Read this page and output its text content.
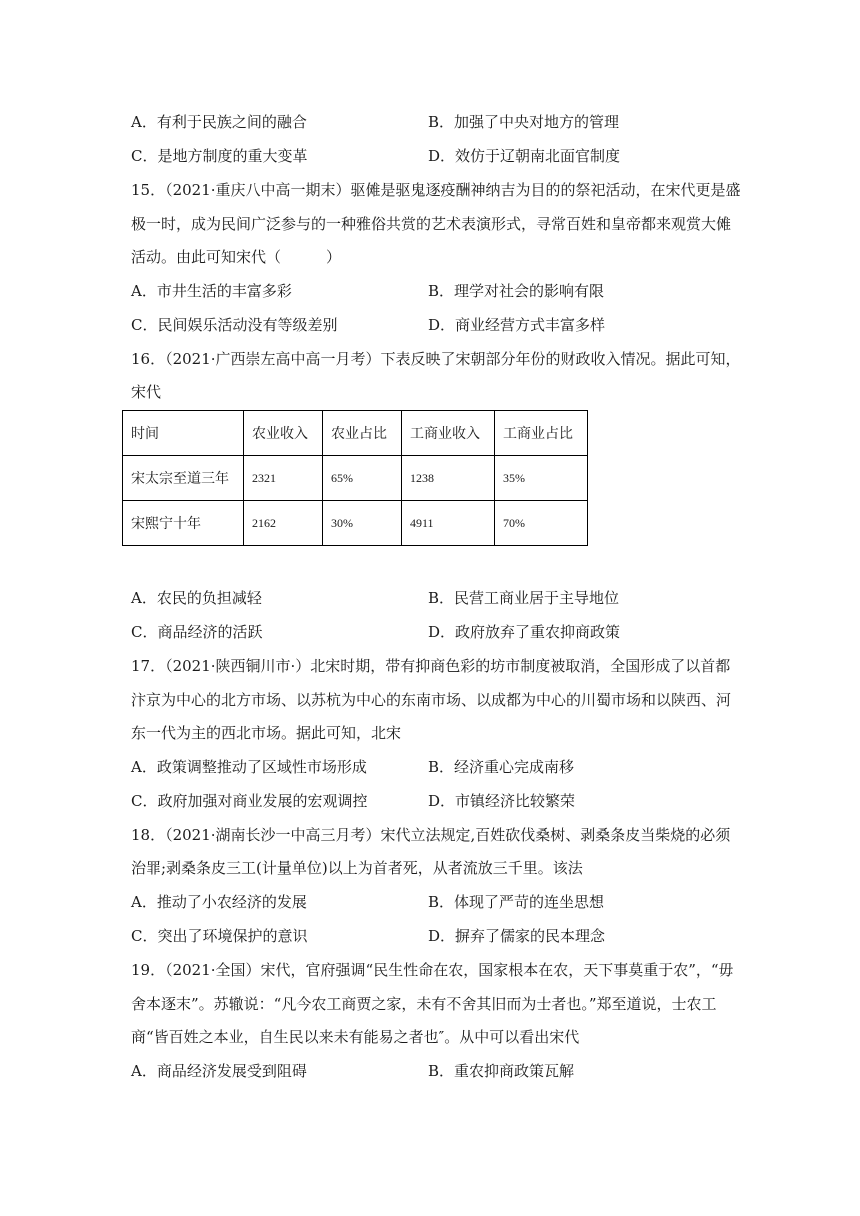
A．有利于民族之间的融合	B．加强了中央对地方的管理
C．是地方制度的重大变革	D．效仿于辽朝南北面官制度
15．（2021·重庆八中高一期末）驱傩是驱鬼逐疫酬神纳吉为目的的祭祀活动，在宋代更是盛
极一时，成为民间广泛参与的一种雅俗共赏的艺术表演形式，寻常百姓和皇帝都来观赏大傩
活动。由此可知宋代（　　　）
A．市井生活的丰富多彩	B．理学对社会的影响有限
C．民间娱乐活动没有等级差别	D．商业经营方式丰富多样
16．（2021·广西崇左高中高一月考）下表反映了宋朝部分年份的财政收入情况。据此可知，
宋代
时间	农业收入	农业占比	工商业收入	工商业占比
宋太宗至道三年	2321	65%	1238	35%
宋熙宁十年	2162	30%	4911	70%
A．农民的负担减轻	B．民营工商业居于主导地位
C．商品经济的活跃	D．政府放弃了重农抑商政策
17．（2021·陕西铜川市·）北宋时期，带有抑商色彩的坊市制度被取消，全国形成了以首都
汴京为中心的北方市场、以苏杭为中心的东南市场、以成都为中心的川蜀市场和以陕西、河
东一代为主的西北市场。据此可知，北宋
A．政策调整推动了区域性市场形成	B．经济重心完成南移
C．政府加强对商业发展的宏观调控	D．市镇经济比较繁荣
18．（2021·湖南长沙一中高三月考）宋代立法规定,百姓砍伐桑树、剥桑条皮当柴烧的必须
治罪;剥桑条皮三工(计量单位)以上为首者死，从者流放三千里。该法
A．推动了小农经济的发展	B．体现了严苛的连坐思想
C．突出了环境保护的意识	D．摒弃了儒家的民本理念
19．（2021·全国）宋代，官府强调“民生性命在农，国家根本在农，天下事莫重于农”，“毋
舍本逐末”。苏辙说：“凡今农工商贾之家，未有不舍其旧而为士者也。”郑至道说，士农工
商“皆百姓之本业，自生民以来未有能易之者也″。从中可以看出宋代
A．商品经济发展受到阻碍	B．重农抑商政策瓦解
